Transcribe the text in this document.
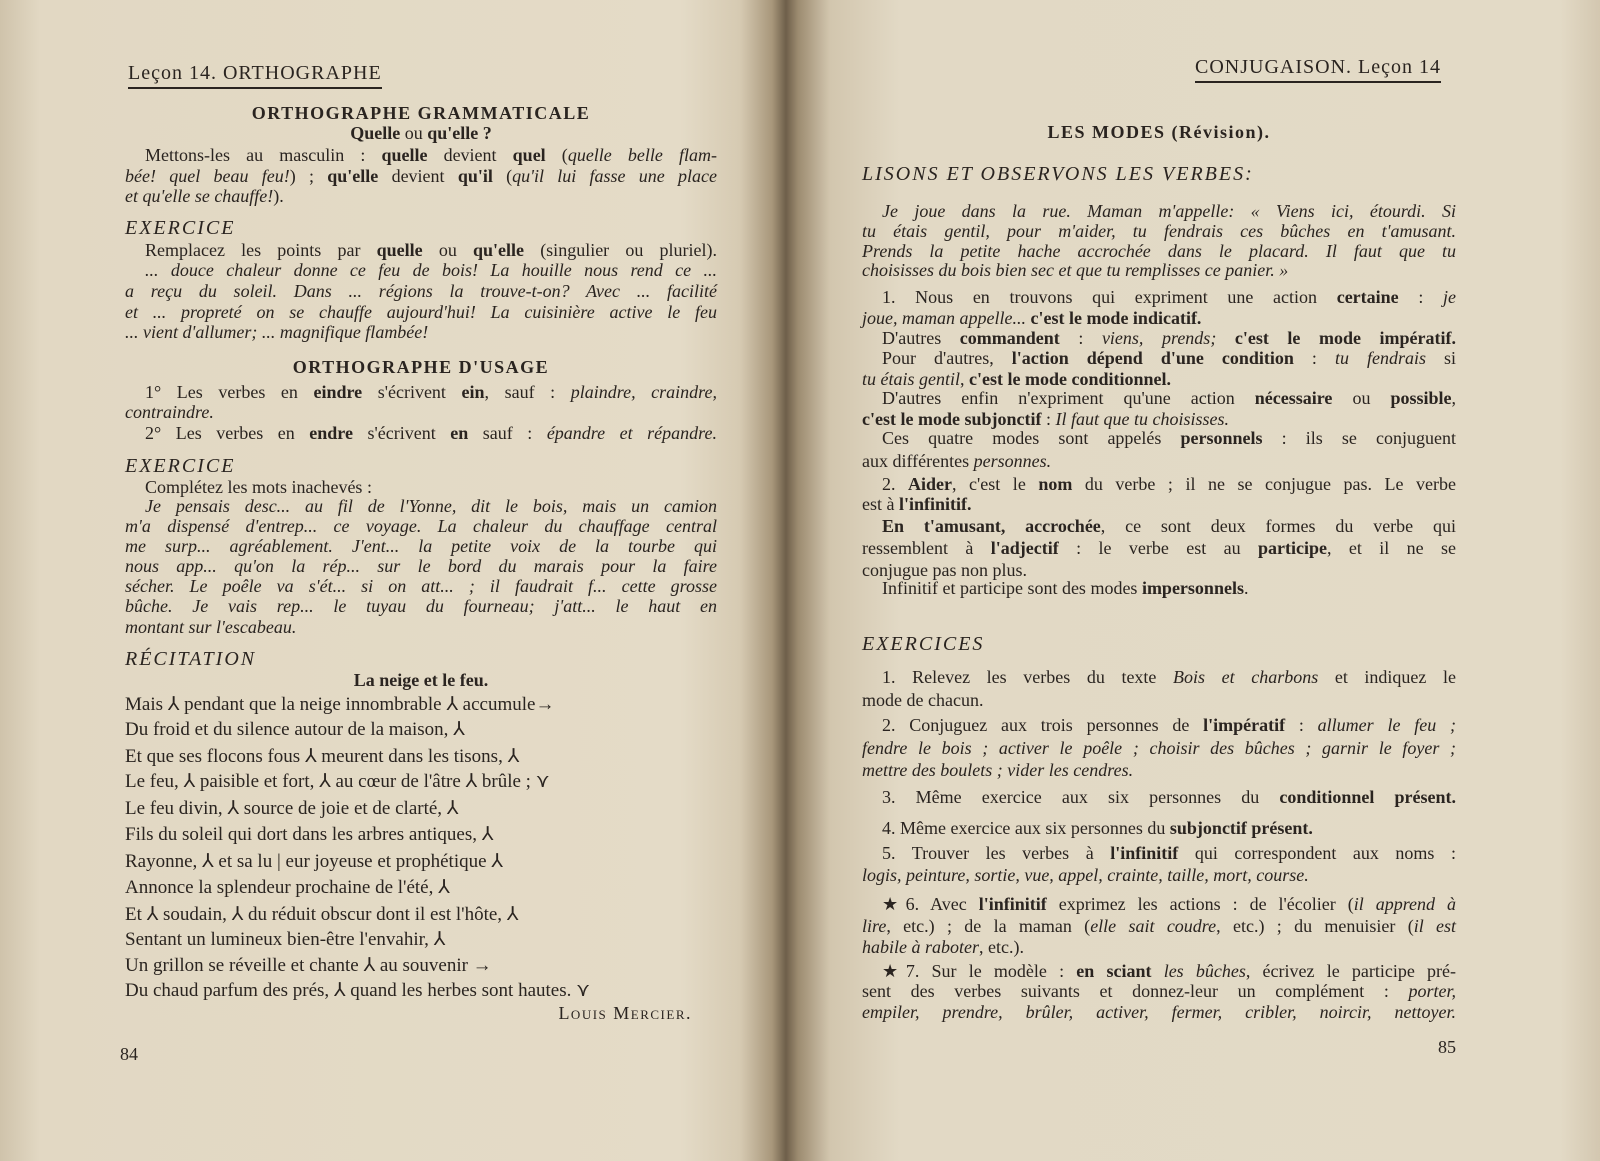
Leçon 14. ORTHOGRAPHE	CONJUGAISON. Leçon 14
ORTHOGRAPHE GRAMMATICALE
Quelle ou qu'elle ?
Mettons-les au masculin : quelle devient quel (quelle belle flam-
bée! quel beau feu!) ; qu'elle devient qu'il (qu'il lui fasse une place
et qu'elle se chauffe!).
EXERCICE
Remplacez les points par quelle ou qu'elle (singulier ou pluriel).
... douce chaleur donne ce feu de bois! La houille nous rend ce ...
a reçu du soleil. Dans ... régions la trouve-t-on? Avec ... facilité
et ... propreté on se chauffe aujourd'hui! La cuisinière active le feu
... vient d'allumer; ... magnifique flambée!
ORTHOGRAPHE D'USAGE
1° Les verbes en eindre s'écrivent ein, sauf : plaindre, craindre,
contraindre.
2° Les verbes en endre s'écrivent en sauf : épandre et répandre.
EXERCICE
Complétez les mots inachevés :
Je pensais desc... au fil de l'Yonne, dit le bois, mais un camion
m'a dispensé d'entrep... ce voyage. La chaleur du chauffage central
me surp... agréablement. J'ent... la petite voix de la tourbe qui
nous app... qu'on la rép... sur le bord du marais pour la faire
sécher. Le poêle va s'ét... si on att... ; il faudrait f... cette grosse
bûche. Je vais rep... le tuyau du fourneau; j'att... le haut en
montant sur l'escabeau.
RÉCITATION
La neige et le feu.
Mais ⅄ pendant que la neige innombrable ⅄ accumule→
Du froid et du silence autour de la maison, ⅄
Et que ses flocons fous ⅄ meurent dans les tisons, ⅄
Le feu, ⅄ paisible et fort, ⅄ au cœur de l'âtre ⅄ brûle ; ⋎
Le feu divin, ⅄ source de joie et de clarté, ⅄
Fils du soleil qui dort dans les arbres antiques, ⅄
Rayonne, ⅄ et sa lu | eur joyeuse et prophétique ⅄
Annonce la splendeur prochaine de l'été, ⅄
Et ⅄ soudain, ⅄ du réduit obscur dont il est l'hôte, ⅄
Sentant un lumineux bien-être l'envahir, ⅄
Un grillon se réveille et chante ⅄ au souvenir →
Du chaud parfum des prés, ⅄ quand les herbes sont hautes. ⋎
Louis Mercier.
LES MODES (Révision).
LISONS ET OBSERVONS LES VERBES:
Je joue dans la rue. Maman m'appelle: « Viens ici, étourdi. Si
tu étais gentil, pour m'aider, tu fendrais ces bûches en t'amusant.
Prends la petite hache accrochée dans le placard. Il faut que tu
choisisses du bois bien sec et que tu remplisses ce panier. »
1. Nous en trouvons qui expriment une action certaine : je
joue, maman appelle... c'est le mode indicatif.
D'autres commandent : viens, prends; c'est le mode impératif.
Pour d'autres, l'action dépend d'une condition : tu fendrais si
tu étais gentil, c'est le mode conditionnel.
D'autres enfin n'expriment qu'une action nécessaire ou possible,
c'est le mode subjonctif : Il faut que tu choisisses.
Ces quatre modes sont appelés personnels : ils se conjuguent
aux différentes personnes.
2. Aider, c'est le nom du verbe ; il ne se conjugue pas. Le verbe
est à l'infinitif.
En t'amusant, accrochée, ce sont deux formes du verbe qui
ressemblent à l'adjectif : le verbe est au participe, et il ne se
conjugue pas non plus.
Infinitif et participe sont des modes impersonnels.
EXERCICES
1. Relevez les verbes du texte Bois et charbons et indiquez le
mode de chacun.
2. Conjuguez aux trois personnes de l'impératif : allumer le feu ;
fendre le bois ; activer le poêle ; choisir des bûches ; garnir le foyer ;
mettre des boulets ; vider les cendres.
3. Même exercice aux six personnes du conditionnel présent.
4. Même exercice aux six personnes du subjonctif présent.
5. Trouver les verbes à l'infinitif qui correspondent aux noms :
logis, peinture, sortie, vue, appel, crainte, taille, mort, course.
★6. Avec l'infinitif exprimez les actions : de l'écolier (il apprend à
lire, etc.) ; de la maman (elle sait coudre, etc.) ; du menuisier (il est
habile à raboter, etc.).
★7. Sur le modèle : en sciant les bûches, écrivez le participe pré-
sent des verbes suivants et donnez-leur un complément : porter,
empiler, prendre, brûler, activer, fermer, cribler, noircir, nettoyer.
84	85
